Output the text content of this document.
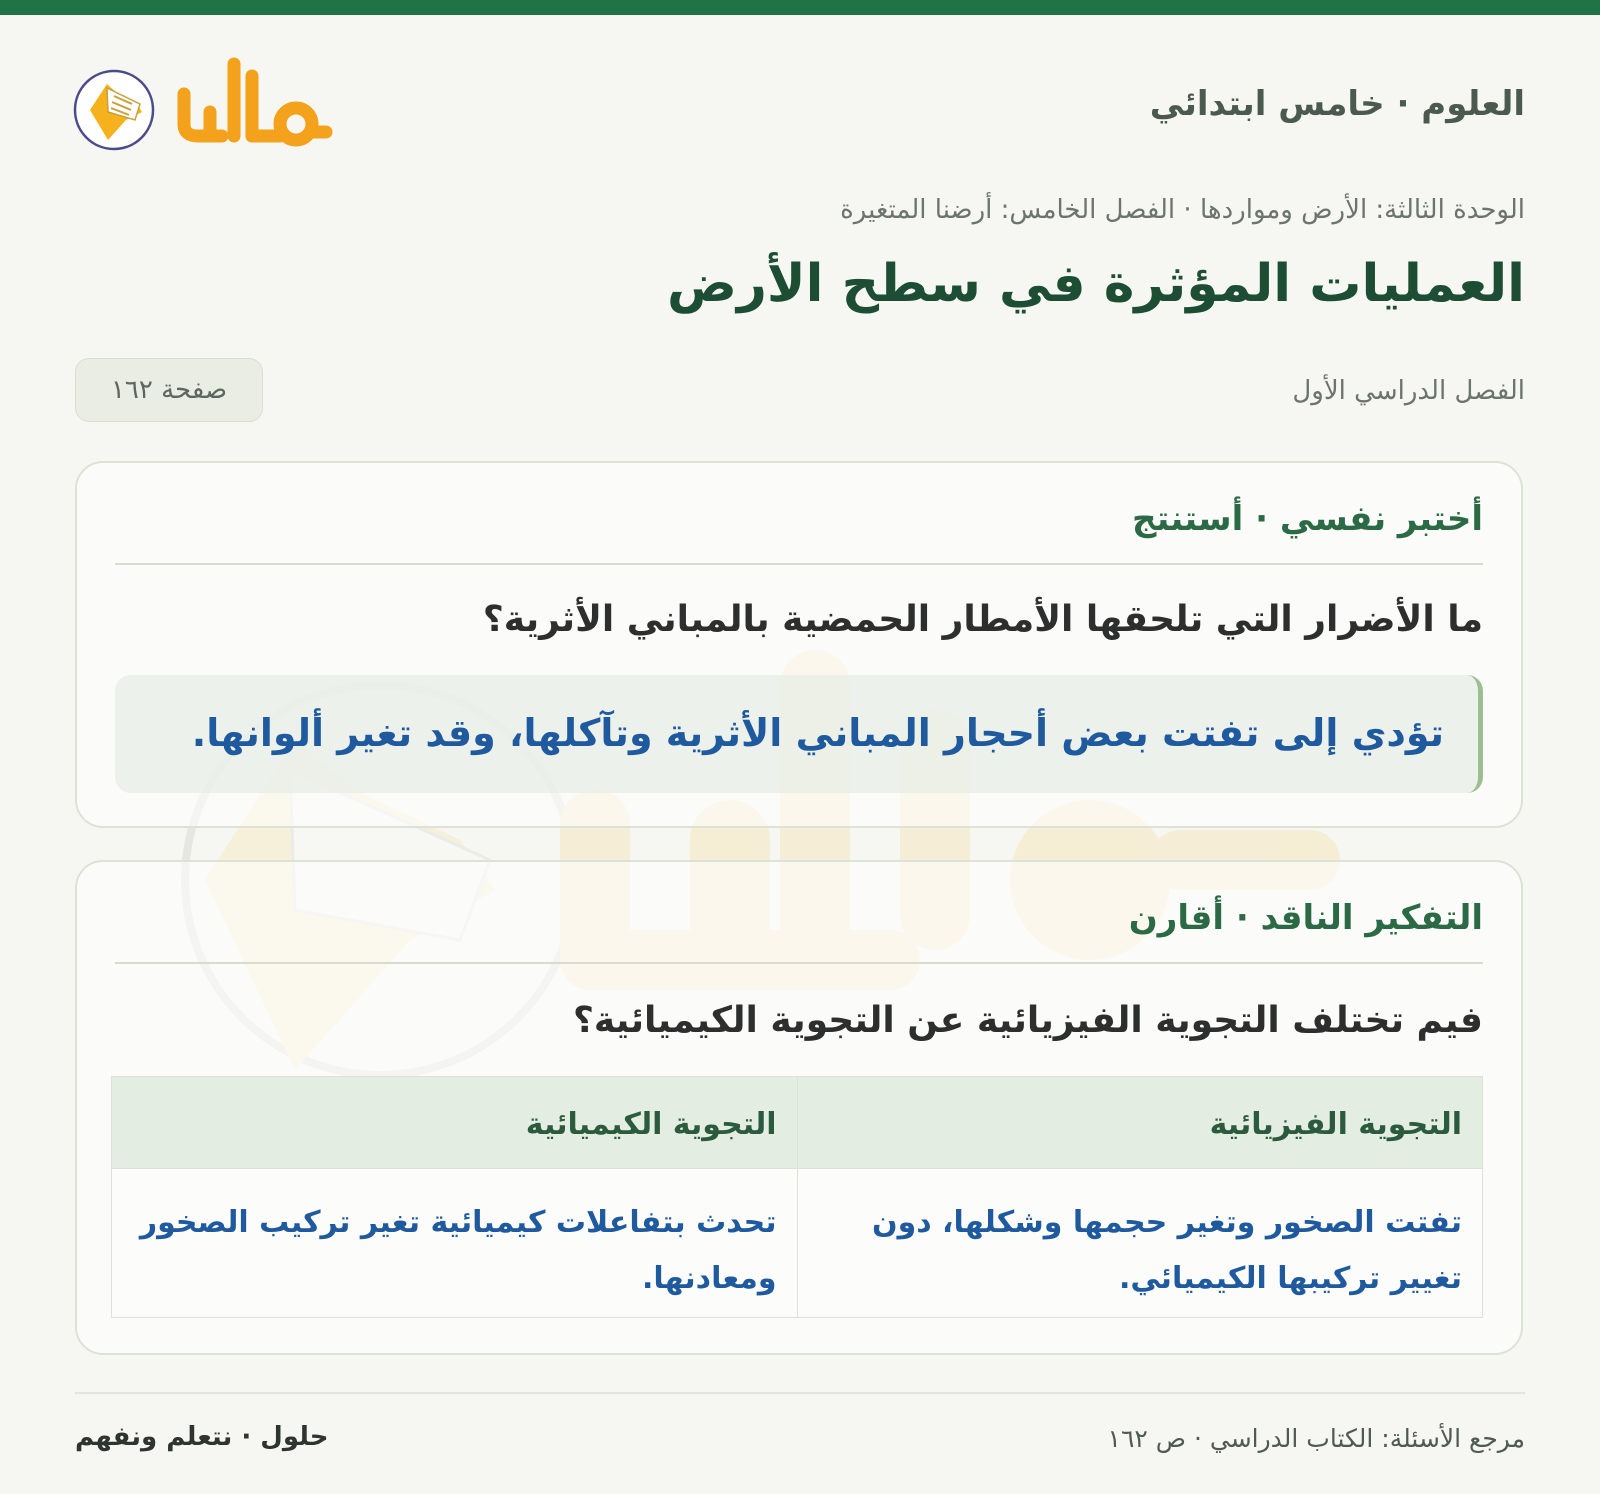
العلوم · خامس ابتدائي
حلول
الوحدة الثالثة: الأرض ومواردها · الفصل الخامس: أرضنا المتغيرة
العمليات المؤثرة في سطح الأرض
الفصل الدراسي الأول
صفحة ١٦٢
أختبر نفسي · أستنتج
ما الأضرار التي تلحقها الأمطار الحمضية بالمباني الأثرية؟
تؤدي إلى تفتت بعض أحجار المباني الأثرية وتآكلها، وقد تغير ألوانها.
التفكير الناقد · أقارن
فيم تختلف التجوية الفيزيائية عن التجوية الكيميائية؟
التجوية الفيزيائية	التجوية الكيميائية
تفتت الصخور وتغير حجمها وشكلها، دون تغيير تركيبها الكيميائي.	تحدث بتفاعلات كيميائية تغير تركيب الصخور ومعادنها.
مرجع الأسئلة: الكتاب الدراسي · ص ١٦٢
حلول · نتعلم ونفهم
